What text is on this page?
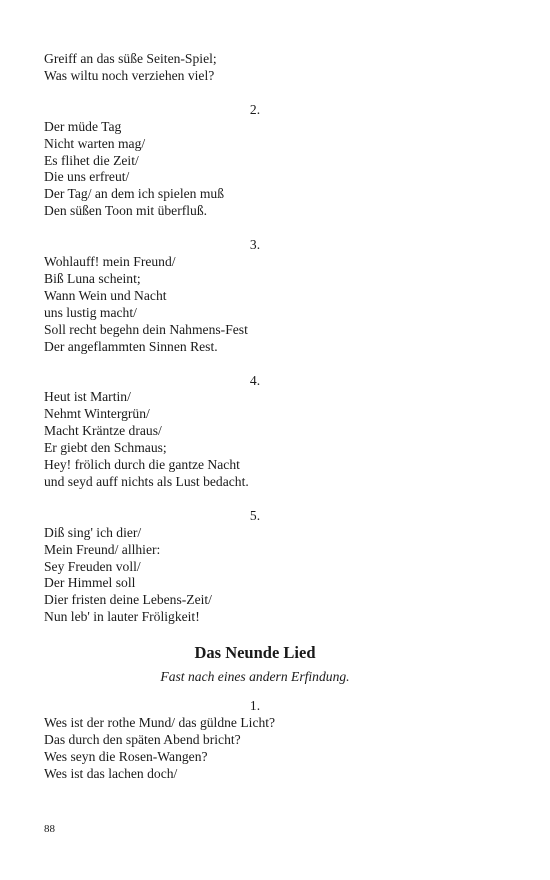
Greiff an das süße Seiten-Spiel;
Was wiltu noch verziehen viel?
2.
Der müde Tag
Nicht warten mag/
Es flihet die Zeit/
Die uns erfreut/
Der Tag/ an dem ich spielen muß
Den süßen Toon mit überfluß.
3.
Wohlauff! mein Freund/
Biß Luna scheint;
Wann Wein und Nacht
uns lustig macht/
Soll recht begehn dein Nahmens-Fest
Der angeflammten Sinnen Rest.
4.
Heut ist Martin/
Nehmt Wintergrün/
Macht Kräntze draus/
Er giebt den Schmaus;
Hey! frölich durch die gantze Nacht
und seyd auff nichts als Lust bedacht.
5.
Diß sing' ich dier/
Mein Freund/ allhier:
Sey Freuden voll/
Der Himmel soll
Dier fristen deine Lebens-Zeit/
Nun leb' in lauter Fröligkeit!
Das Neunde Lied
Fast nach eines andern Erfindung.
1.
Wes ist der rothe Mund/ das güldne Licht?
Das durch den späten Abend bricht?
Wes seyn die Rosen-Wangen?
Wes ist das lachen doch/
88
